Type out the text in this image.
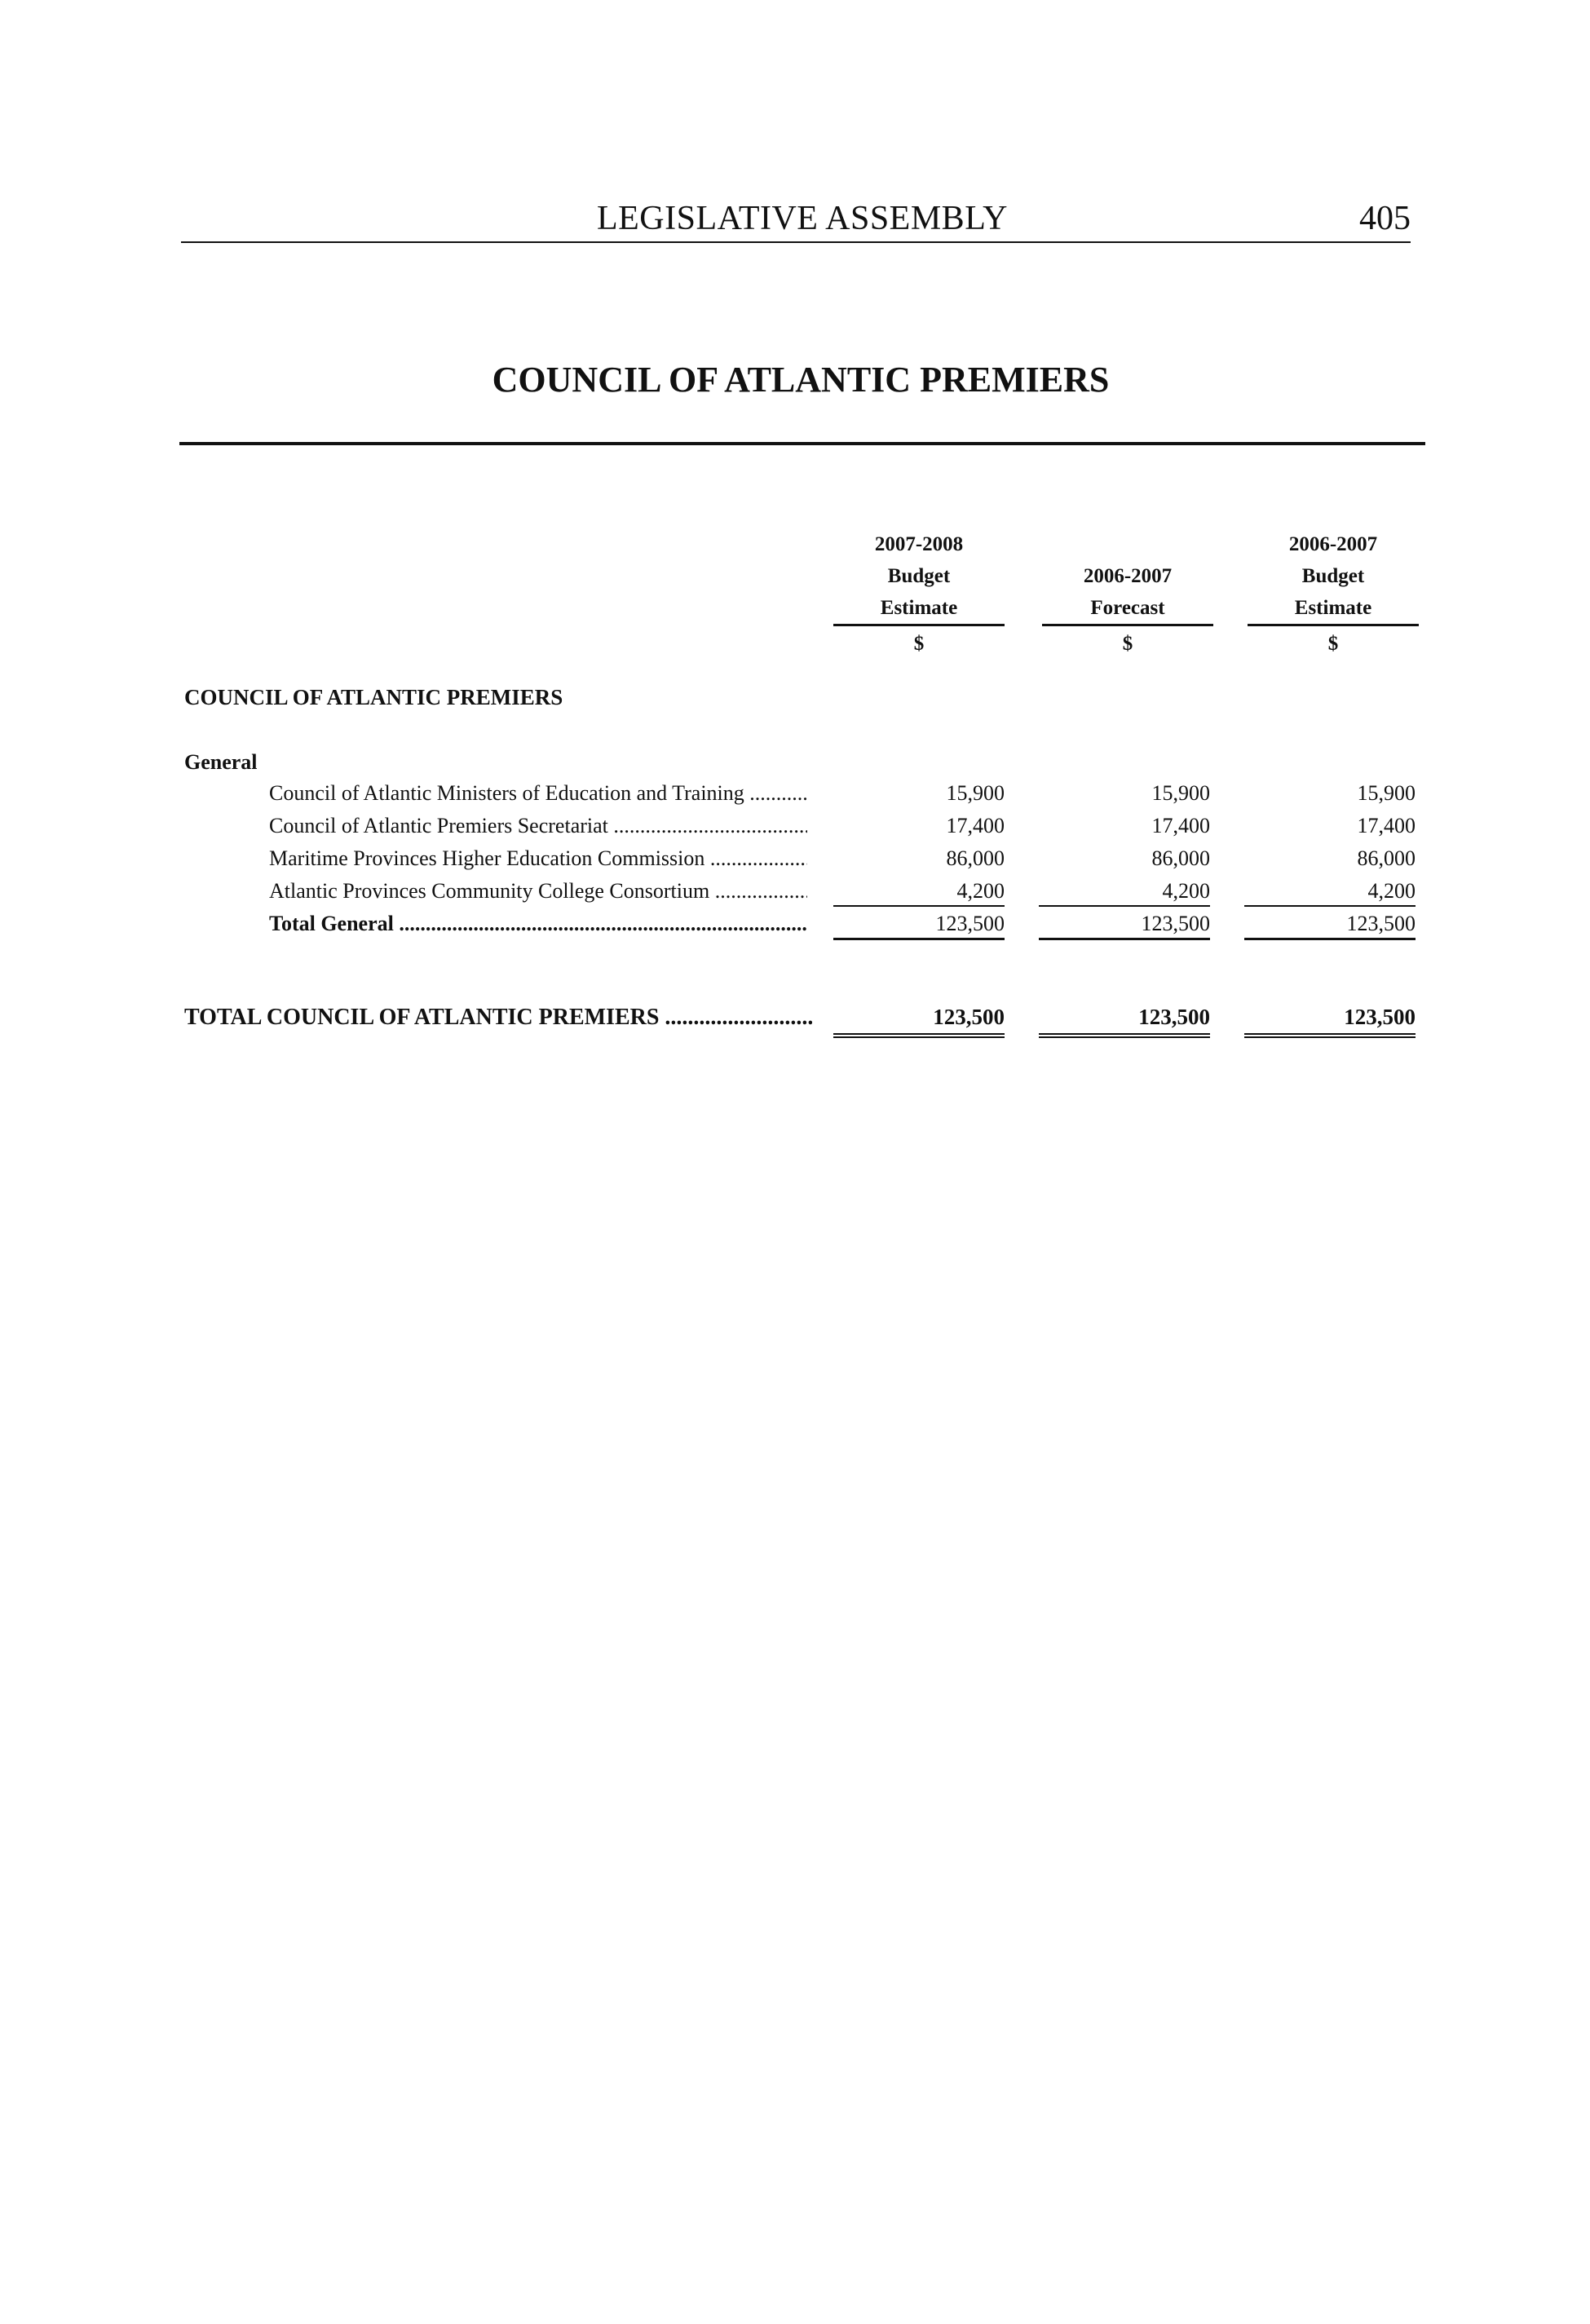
LEGISLATIVE ASSEMBLY	405
COUNCIL OF ATLANTIC PREMIERS
2007-2008
Budget
Estimate
$
2006-2007
Forecast
$
2006-2007
Budget
Estimate
$
COUNCIL OF ATLANTIC PREMIERS
General
Council of Atlantic Ministers of Education and Training .....	15,900	15,900	15,900
Council of Atlantic Premiers Secretariat .....	17,400	17,400	17,400
Maritime Provinces Higher Education Commission .....	86,000	86,000	86,000
Atlantic Provinces Community College Consortium .....	4,200	4,200	4,200
Total General .....	123,500	123,500	123,500
TOTAL COUNCIL OF ATLANTIC PREMIERS .....	123,500	123,500	123,500
